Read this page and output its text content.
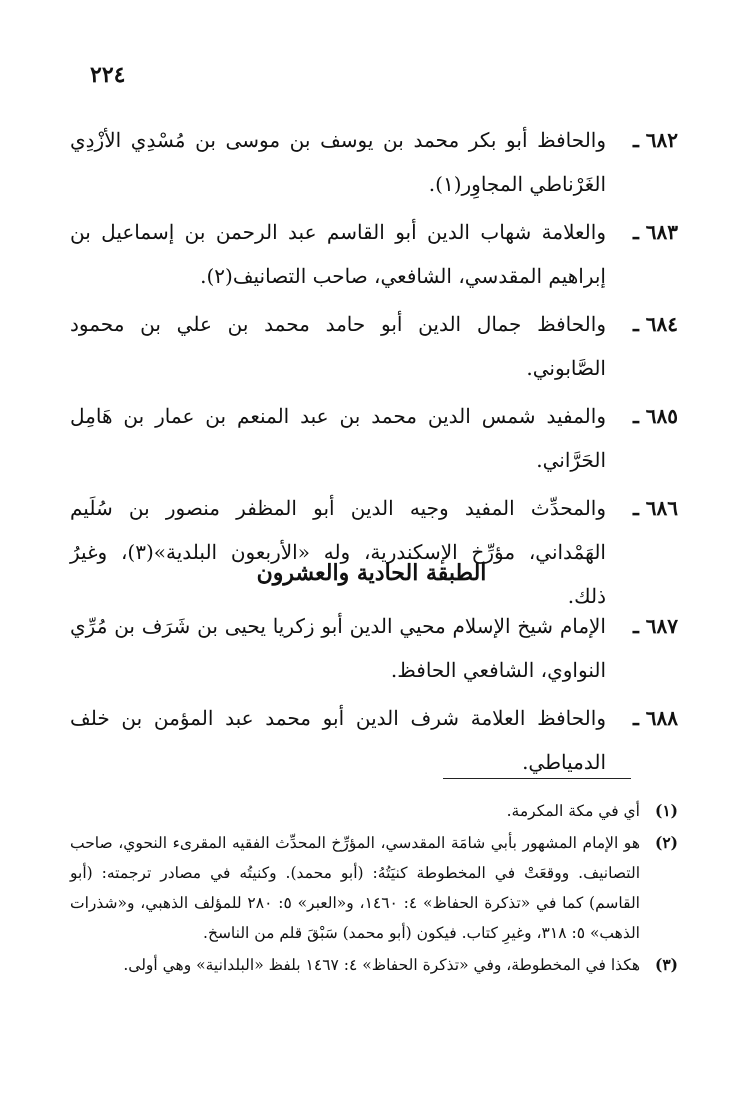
٢٢٤
٦٨٢ ـ
والحافظ أبو بكر محمد بن يوسف بن موسى بن مُسْدِي الأزْدِي الغَرْناطي المجاوِر(١).
٦٨٣ ـ
والعلامة شهاب الدين أبو القاسم عبد الرحمن بن إسماعيل بن إبراهيم المقدسي، الشافعي، صاحب التصانيف(٢).
٦٨٤ ـ
والحافظ جمال الدين أبو حامد محمد بن علي بن محمود الصَّابوني.
٦٨٥ ـ
والمفيد شمس الدين محمد بن عبد المنعم بن عمار بن هَامِل الحَرَّاني.
٦٨٦ ـ
والمحدِّث المفيد وجيه الدين أبو المظفر منصور بن سُلَيم الهَمْداني، مؤرِّخ الإسكندرية، وله «الأربعون البلدية»(٣)، وغيرُ ذلك.
الطبقة الحادية والعشرون
٦٨٧ ـ
الإمام شيخ الإسلام محيي الدين أبو زكريا يحيى بن شَرَف بن مُرِّي النواوي، الشافعي الحافظ.
٦٨٨ ـ
والحافظ العلامة شرف الدين أبو محمد عبد المؤمن بن خلف الدمياطي.
(١)
أي في مكة المكرمة.
(٢)
هو الإمام المشهور بأبي شامَة المقدسي، المؤرِّخ المحدِّث الفقيه المقرىء النحوي، صاحب التصانيف. ووقعَتْ في المخطوطة كنيَتُهُ: (أبو محمد). وكنيتُه في مصادر ترجمته: (أبو القاسم) كما في «تذكرة الحفاظ» ٤: ١٤٦٠، و«العبر» ٥: ٢٨٠ للمؤلف الذهبي، و«شذرات الذهب» ٥: ٣١٨، وغيرِ كتاب. فيكون (أبو محمد) سَبْقَ قلم من الناسخ.
(٣)
هكذا في المخطوطة، وفي «تذكرة الحفاظ» ٤: ١٤٦٧ بلفظ «البلدانية» وهي أولى.
